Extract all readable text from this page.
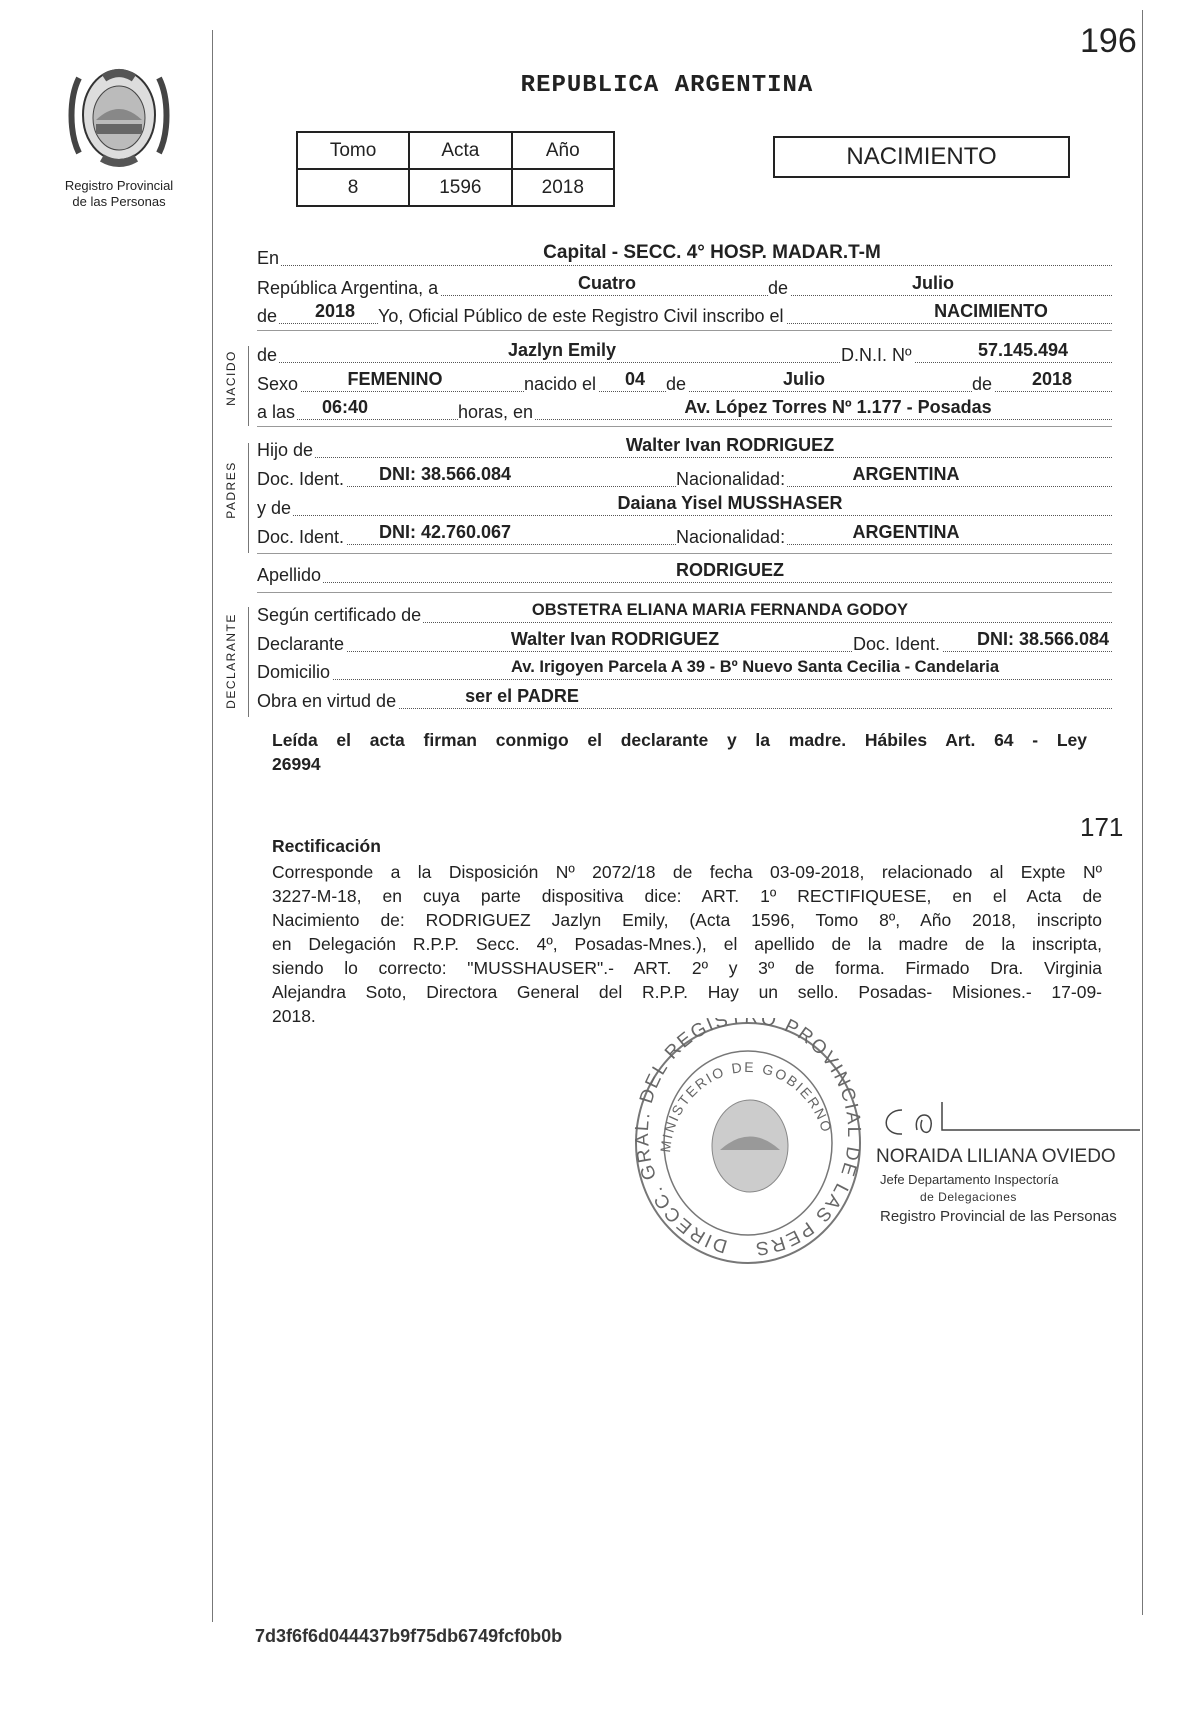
196
Registro Provincial
de las Personas
REPUBLICA ARGENTINA
Tomo	Acta	Año
8	1596	2018
NACIMIENTO
NACIDO
PADRES
DECLARANTE
En	Capital - SECC. 4° HOSP. MADAR.T-M
República Argentina, a	Cuatro	de	Julio
de 2018 Yo, Oficial Público de este Registro Civil inscribo el	NACIMIENTO
de	Jazlyn Emily	D.N.I. Nº	57.145.494
Sexo	FEMENINO	nacido el 04 de	Julio	de 2018
a las 06:40	horas, en	Av. López Torres Nº 1.177 - Posadas
Hijo de	Walter Ivan RODRIGUEZ
Doc. Ident. DNI: 38.566.084	Nacionalidad:	ARGENTINA
y de	Daiana Yisel MUSSHASER
Doc. Ident. DNI: 42.760.067	Nacionalidad:	ARGENTINA
Apellido	RODRIGUEZ
Según certificado de	OBSTETRA ELIANA MARIA FERNANDA GODOY
Declarante	Walter Ivan RODRIGUEZ	Doc. Ident. DNI: 38.566.084
Domicilio	Av. Irigoyen Parcela A 39 - Bº Nuevo Santa Cecilia - Candelaria
Obra en virtud de	ser el PADRE
Leída el acta firman conmigo el declarante y la madre. Hábiles Art. 64 - Ley
26994
171
Rectificación
Corresponde a la Disposición Nº 2072/18 de fecha 03-09-2018, relacionado al Expte Nº
3227-M-18, en cuya parte dispositiva dice: ART. 1º RECTIFIQUESE, en el Acta de
Nacimiento de: RODRIGUEZ Jazlyn Emily, (Acta 1596, Tomo 8º, Año 2018, inscripto
en Delegación R.P.P. Secc. 4º, Posadas-Mnes.), el apellido de la madre de la inscripta,
siendo lo correcto: "MUSSHAUSER".- ART. 2º y 3º de forma. Firmado Dra. Virginia
Alejandra Soto, Directora General del R.P.P. Hay un sello. Posadas- Misiones.- 17-09-
2018.
DIRECC. GRAL. DEL REGIST O PROVINCIAL DE LAS PERS
MINISTERIO DE GOBIERNO
NORAIDA LILIANA OVIEDO
Jefe Departamento Inspectoría
de Delegaciones
Registro Provincial de las Personas
7d3f6f6d044437b9f75db6749fcf0b0b
